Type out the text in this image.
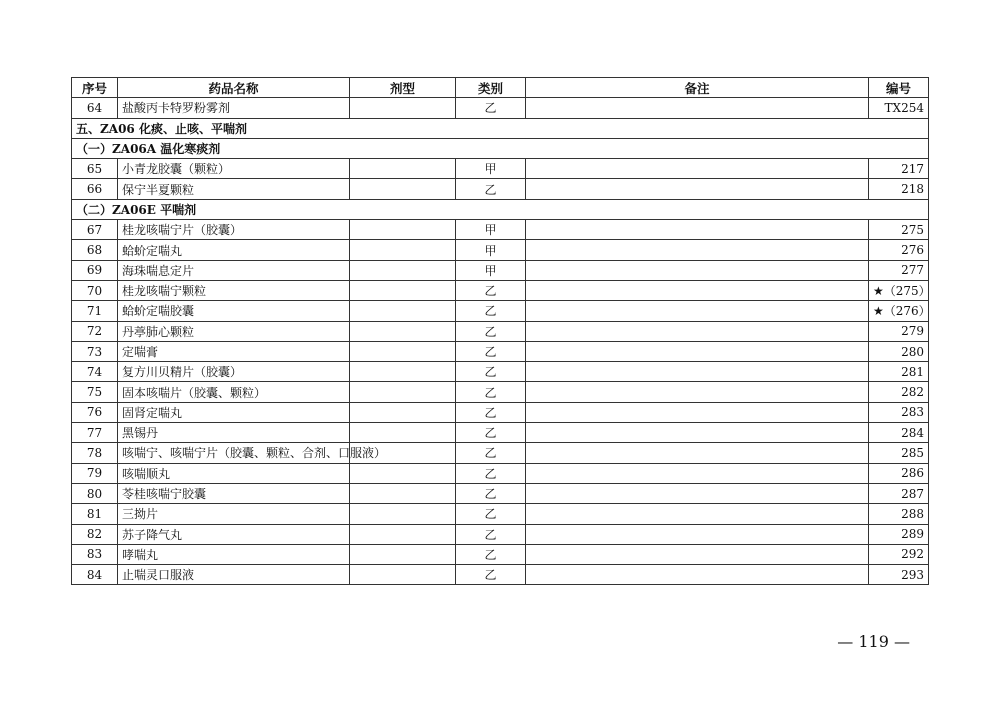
序号	药品名称	剂型	类别	备注	编号
64	盐酸丙卡特罗粉雾剂		乙		TX254
五、ZA06 化痰、止咳、平喘剂					
（一）ZA06A 温化寒痰剂					
65	小青龙胶囊（颗粒）		甲		217
66	保宁半夏颗粒		乙		218
（二）ZA06E 平喘剂					
67	桂龙咳喘宁片（胶囊）		甲		275
68	蛤蚧定喘丸		甲		276
69	海珠喘息定片		甲		277
70	桂龙咳喘宁颗粒		乙		★（275）
71	蛤蚧定喘胶囊		乙		★（276）
72	丹葶肺心颗粒		乙		279
73	定喘膏		乙		280
74	复方川贝精片（胶囊）		乙		281
75	固本咳喘片（胶囊、颗粒）		乙		282
76	固肾定喘丸		乙		283
77	黑锡丹		乙		284
78	咳喘宁、咳喘宁片（胶囊、颗粒、合剂、口服液）		乙		285
79	咳喘顺丸		乙		286
80	苓桂咳喘宁胶囊		乙		287
81	三拗片		乙		288
82	苏子降气丸		乙		289
83	哮喘丸		乙		292
84	止喘灵口服液		乙		293
— 119 —
